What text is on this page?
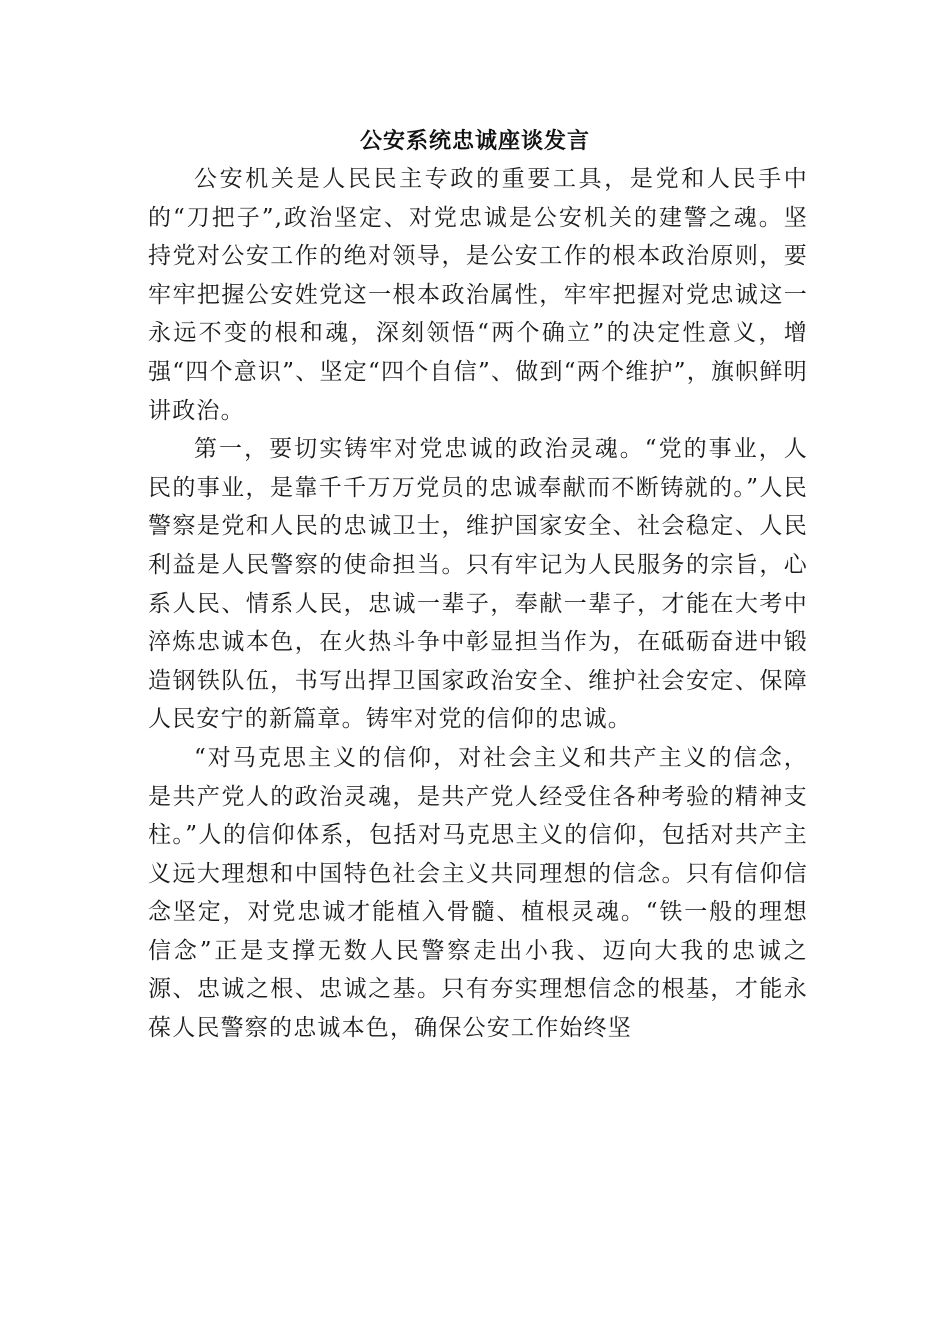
公安系统忠诚座谈发言

公安机关是人民民主专政的重要工具，是党和人民手中的“刀把子”,政治坚定、对党忠诚是公安机关的建警之魂。坚持党对公安工作的绝对领导，是公安工作的根本政治原则，要牢牢把握公安姓党这一根本政治属性，牢牢把握对党忠诚这一永远不变的根和魂，深刻领悟“两个确立”的决定性意义，增强“四个意识”、坚定“四个自信”、做到“两个维护”，旗帜鲜明讲政治。

第一，要切实铸牢对党忠诚的政治灵魂。“党的事业，人民的事业，是靠千千万万党员的忠诚奉献而不断铸就的。”人民警察是党和人民的忠诚卫士，维护国家安全、社会稳定、人民利益是人民警察的使命担当。只有牢记为人民服务的宗旨，心系人民、情系人民，忠诚一辈子，奉献一辈子，才能在大考中淬炼忠诚本色，在火热斗争中彰显担当作为，在砥砺奋进中锻造钢铁队伍，书写出捍卫国家政治安全、维护社会安定、保障人民安宁的新篇章。铸牢对党的信仰的忠诚。

“对马克思主义的信仰，对社会主义和共产主义的信念，是共产党人的政治灵魂，是共产党人经受住各种考验的精神支柱。”人的信仰体系，包括对马克思主义的信仰，包括对共产主义远大理想和中国特色社会主义共同理想的信念。只有信仰信念坚定，对党忠诚才能植入骨髓、植根灵魂。“铁一般的理想信念”正是支撑无数人民警察走出小我、迈向大我的忠诚之源、忠诚之根、忠诚之基。只有夯实理想信念的根基，才能永葆人民警察的忠诚本色，确保公安工作始终坚
